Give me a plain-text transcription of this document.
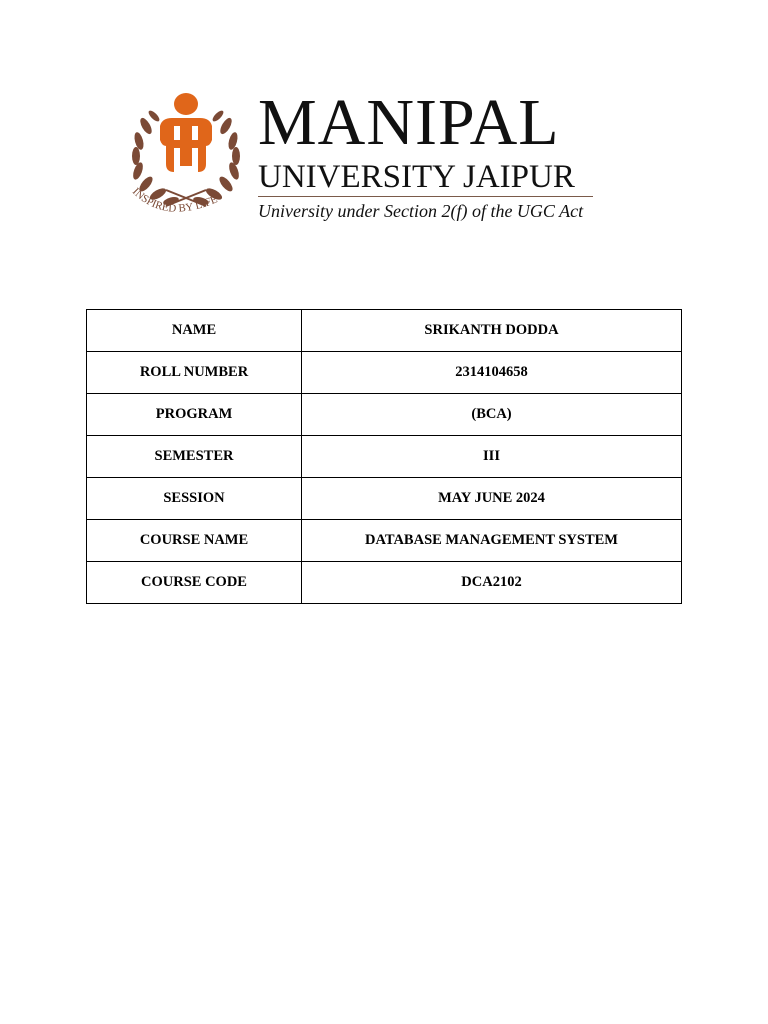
INSPIRED BY LIFE
MANIPAL
UNIVERSITY JAIPUR
University under Section 2(f) of the UGC Act
NAME	SRIKANTH DODDA
ROLL NUMBER	2314104658
PROGRAM	(BCA)
SEMESTER	III
SESSION	MAY JUNE 2024
COURSE NAME	DATABASE MANAGEMENT SYSTEM
COURSE CODE	DCA2102
